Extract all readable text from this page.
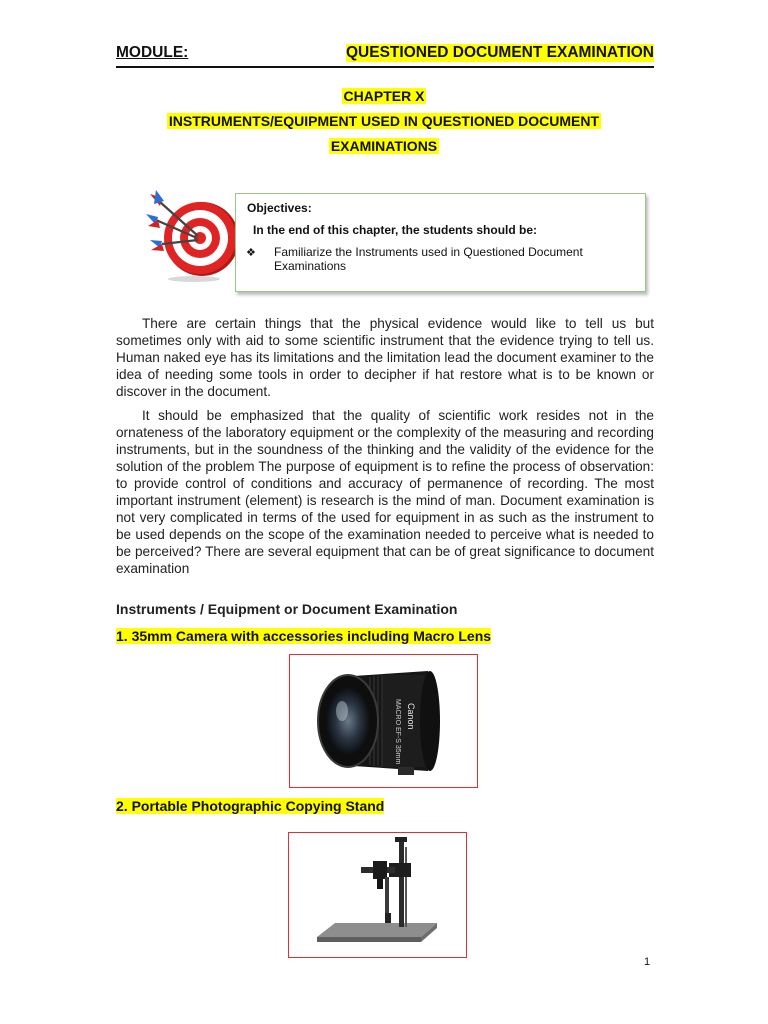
MODULE:	QUESTIONED DOCUMENT EXAMINATION
CHAPTER X
INSTRUMENTS/EQUIPMENT USED IN QUESTIONED DOCUMENT
EXAMINATIONS
Objectives:
In the end of this chapter, the students should be:
❖ Familiarize the Instruments used in Questioned Document Examinations

There are certain things that the physical evidence would like to tell us but sometimes only with aid to some scientific instrument that the evidence trying to tell us. Human naked eye has its limitations and the limitation lead the document examiner to the idea of needing some tools in order to decipher if hat restore what is to be known or discover in the document.

It should be emphasized that the quality of scientific work resides not in the ornateness of the laboratory equipment or the complexity of the measuring and recording instruments, but in the soundness of the thinking and the validity of the evidence for the solution of the problem The purpose of equipment is to refine the process of observation: to provide control of conditions and accuracy of permanence of recording. The most important instrument (element) is research is the mind of man. Document examination is not very complicated in terms of the used for equipment in as such as the instrument to be used depends on the scope of the examination needed to perceive what is needed to be perceived? There are several equipment that can be of great significance to document examination

Instruments / Equipment or Document Examination
1. 35mm Camera with accessories including Macro Lens
Canon
MACRO EF-S 35mm
2. Portable Photographic Copying Stand
1
